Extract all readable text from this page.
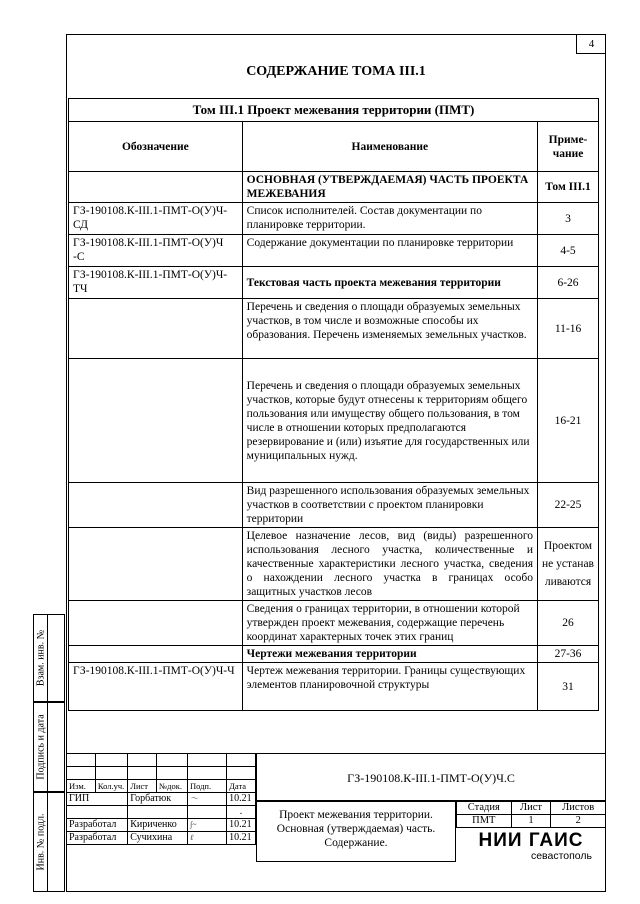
4
СОДЕРЖАНИЕ ТОМА III.1
Том III.1 Проект межевания территории (ПМТ)		
Обозначение	Наименование	Приме-чание
	ОСНОВНАЯ (УТВЕРЖДАЕМАЯ) ЧАСТЬ ПРОЕКТА МЕЖЕВАНИЯ	Том III.1
ГЗ-190108.К-III.1-ПМТ-О(У)Ч-СД	Список исполнителей. Состав документации по планировке территории.	3
ГЗ-190108.К-III.1-ПМТ-О(У)Ч -С	Содержание документации по планировке территории	4-5
ГЗ-190108.К-III.1-ПМТ-О(У)Ч-ТЧ	Текстовая часть проекта межевания территории	6-26
	Перечень и сведения о площади образуемых земельных участков, в том числе и возможные способы их образования. Перечень изменяемых земельных участков.	11-16
	Перечень и сведения о площади образуемых земельных участков, которые будут отнесены к территориям общего пользования или имуществу общего пользования, в том числе в отношении которых предполагаются резервирование и (или) изъятие для государственных или муниципальных нужд.	16-21
	Вид разрешенного использования образуемых земельных участков в соответствии с проектом планировки территории	22-25
	Целевое назначение лесов, вид (виды) разрешенного использования лесного участка, количественные и качественные характеристики лесного участка, сведения о нахождении лесного участка в границах особо защитных участков лесов	Проектом не устанавливаются
	Сведения о границах территории, в отношении которой утвержден проект межевания, содержащие перечень координат характерных точек этих границ	26
	Чертежи межевания территории	27-36
ГЗ-190108.К-III.1-ПМТ-О(У)Ч-Ч	Чертеж межевания территории. Границы существующих элементов планировочной структуры	31
Взам. инв. №
Подпись и дата
Инв. № подл.

Изм.	Кол.уч.	Лист	№док.	Подп.	Дата
ГИП		Горбатюк		～	10.21
					.
Разработал		Кириченко		∫~	10.21
Разработал		Сучихина		ℓ	10.21
ГЗ-190108.К-III.1-ПМТ-О(У)Ч.С
Проект межевания территории. Основная (утверждаемая) часть. Содержание.
Стадия	Лист	Листов
ПМТ	1	2
НИИ ГАИС
севастополь
